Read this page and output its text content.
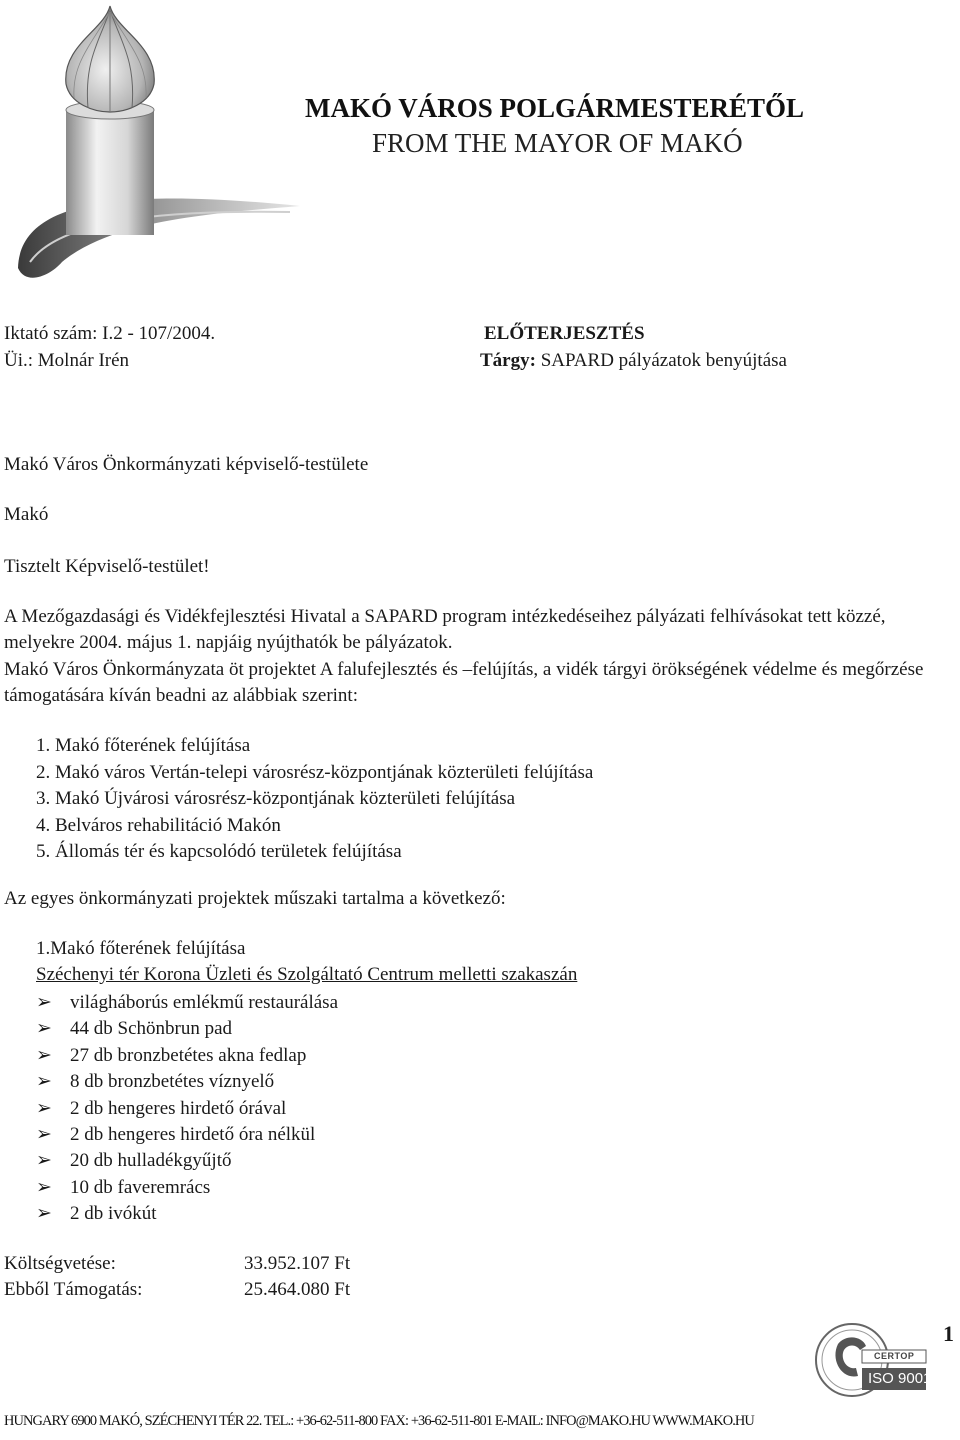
MAKÓ VÁROS POLGÁRMESTERÉTŐL
FROM THE MAYOR OF MAKÓ
Iktató szám: I.2 - 107/2004.
Üi.: Molnár Irén
ELŐTERJESZTÉS
Tárgy: SAPARD pályázatok benyújtása
Makó Város Önkormányzati képviselő-testülete
Makó
Tisztelt Képviselő-testület!
A Mezőgazdasági és Vidékfejlesztési Hivatal a SAPARD program intézkedéseihez pályázati felhívásokat tett közzé, melyekre 2004. május 1. napjáig nyújthatók be pályázatok.
Makó Város Önkormányzata öt projektet A falufejlesztés és –felújítás, a vidék tárgyi örökségének védelme és megőrzése támogatására kíván beadni az alábbiak szerint:
1. Makó főterének felújítása
2. Makó város Vertán-telepi városrész-központjának közterületi felújítása
3. Makó Újvárosi városrész-központjának közterületi felújítása
4. Belváros rehabilitáció Makón
5. Állomás tér és kapcsolódó területek felújítása
Az egyes önkormányzati projektek műszaki tartalma a következő:
1.Makó főterének felújítása
Széchenyi tér Korona Üzleti és Szolgáltató Centrum melletti szakaszán
➢ világháborús emlékmű restaurálása
➢ 44 db Schönbrun pad
➢ 27 db bronzbetétes akna fedlap
➢ 8 db bronzbetétes víznyelő
➢ 2 db hengeres hirdető órával
➢ 2 db hengeres hirdető óra nélkül
➢ 20 db hulladékgyűjtő
➢ 10 db faveremrács
➢ 2 db ivókút
Költségvetése:	33.952.107 Ft
Ebből Támogatás:	25.464.080 Ft
1
CERTOP
ISO 9001
HUNGARY 6900 MAKÓ, SZÉCHENYI TÉR 22. TEL.: +36-62-511-800 FAX: +36-62-511-801 E-MAIL: INFO@MAKO.HU WWW.MAKO.HU
